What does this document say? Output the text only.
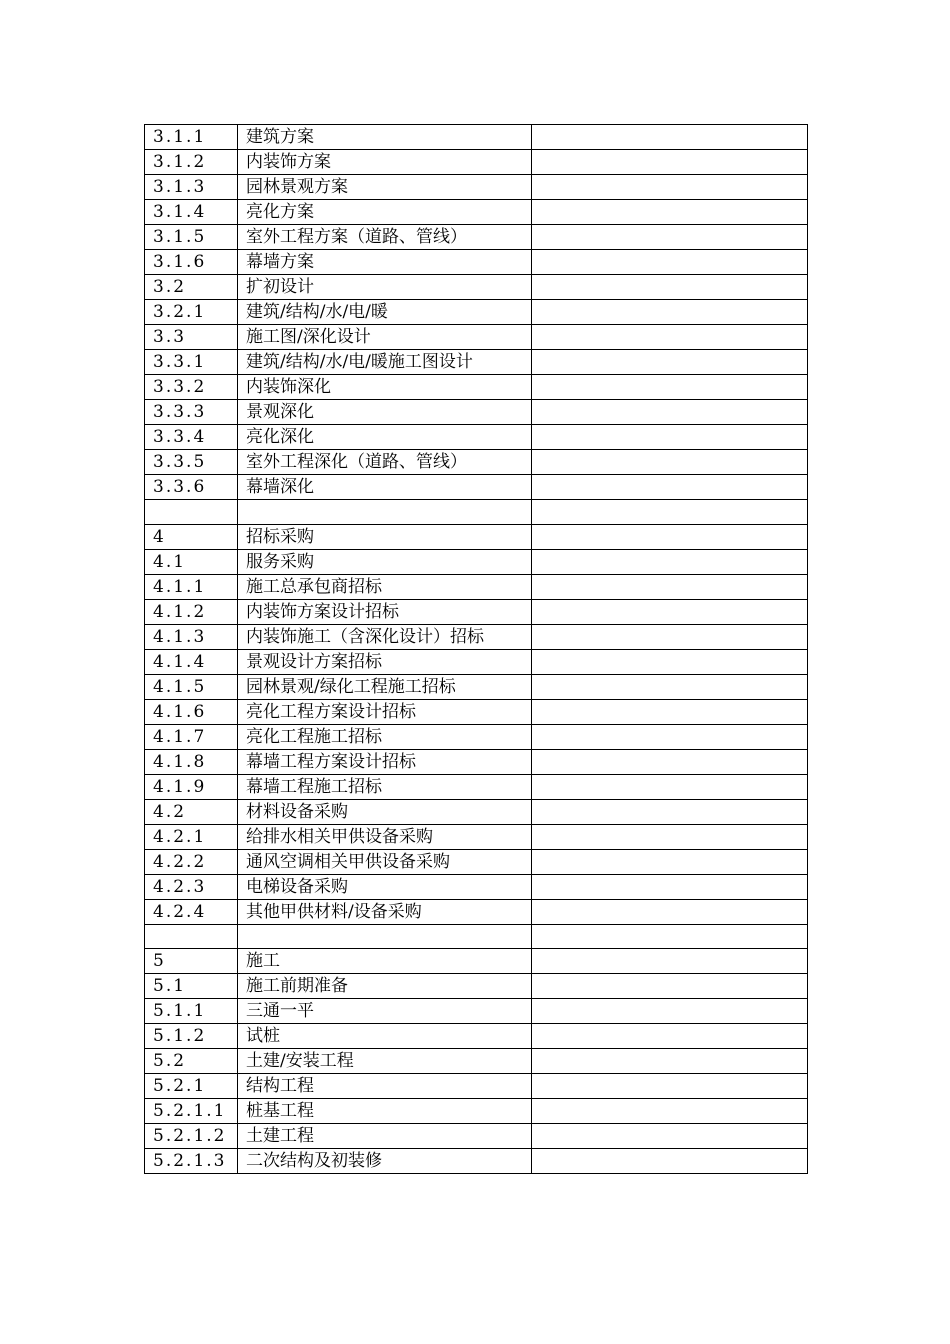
3.1.1	建筑方案	
3.1.2	内装饰方案	
3.1.3	园林景观方案	
3.1.4	亮化方案	
3.1.5	室外工程方案（道路、管线）	
3.1.6	幕墙方案	
3.2	扩初设计	
3.2.1	建筑/结构/水/电/暖	
3.3	施工图/深化设计	
3.3.1	建筑/结构/水/电/暖施工图设计	
3.3.2	内装饰深化	
3.3.3	景观深化	
3.3.4	亮化深化	
3.3.5	室外工程深化（道路、管线）	
3.3.6	幕墙深化	

4	招标采购	
4.1	服务采购	
4.1.1	施工总承包商招标	
4.1.2	内装饰方案设计招标	
4.1.3	内装饰施工（含深化设计）招标	
4.1.4	景观设计方案招标	
4.1.5	园林景观/绿化工程施工招标	
4.1.6	亮化工程方案设计招标	
4.1.7	亮化工程施工招标	
4.1.8	幕墙工程方案设计招标	
4.1.9	幕墙工程施工招标	
4.2	材料设备采购	
4.2.1	给排水相关甲供设备采购	
4.2.2	通风空调相关甲供设备采购	
4.2.3	电梯设备采购	
4.2.4	其他甲供材料/设备采购	

5	施工	
5.1	施工前期准备	
5.1.1	三通一平	
5.1.2	试桩	
5.2	土建/安装工程	
5.2.1	结构工程	
5.2.1.1	桩基工程	
5.2.1.2	土建工程	
5.2.1.3	二次结构及初装修	
